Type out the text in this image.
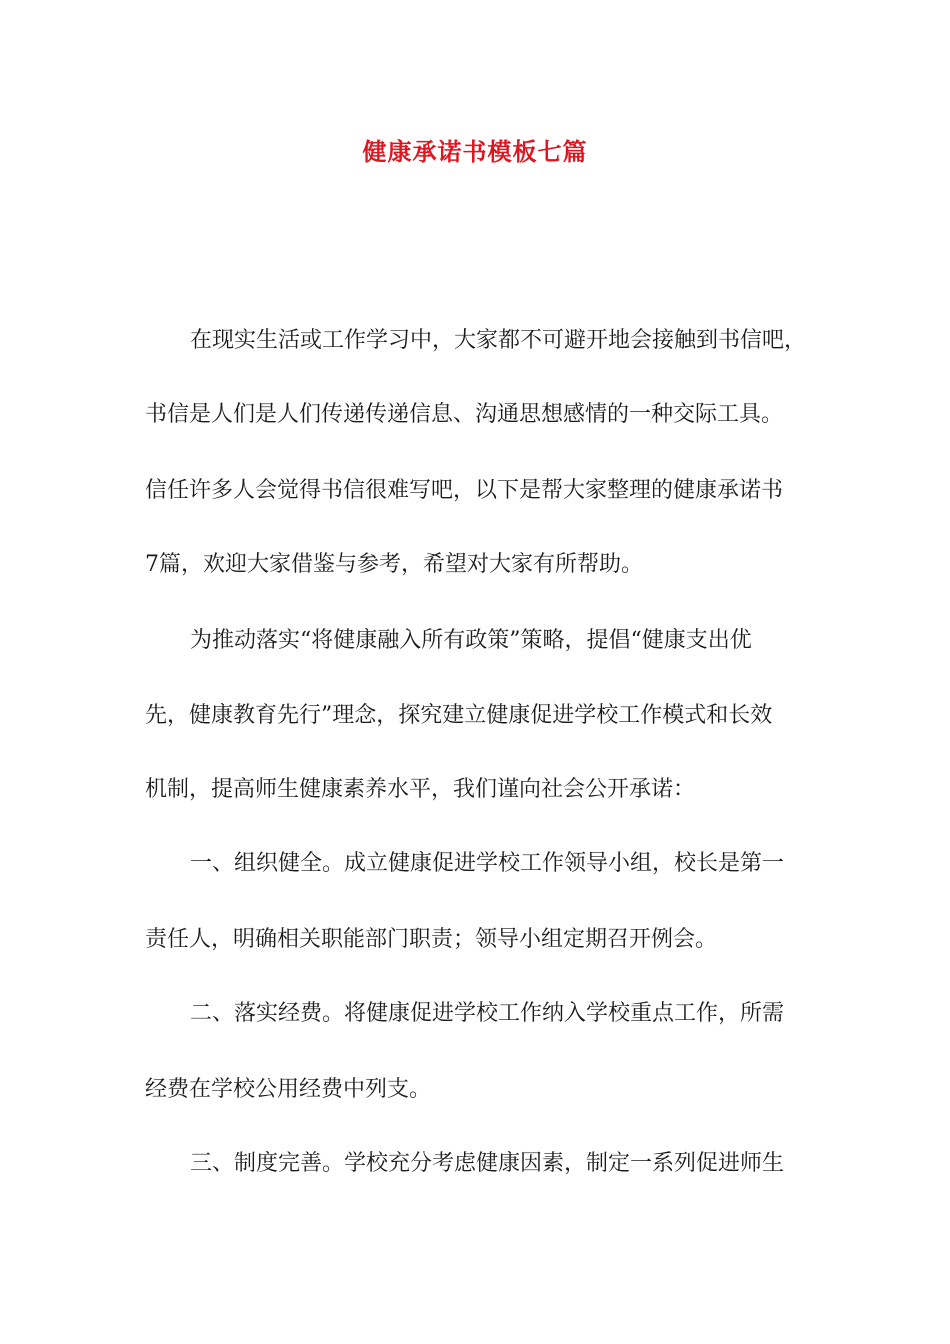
健康承诺书模板七篇
在现实生活或工作学习中，大家都不可避开地会接触到书信吧，
书信是人们是人们传递传递信息、沟通思想感情的一种交际工具。
信任许多人会觉得书信很难写吧，以下是帮大家整理的健康承诺书
7篇，欢迎大家借鉴与参考，希望对大家有所帮助。
为推动落实“将健康融入所有政策”策略，提倡“健康支出优
先，健康教育先行”理念，探究建立健康促进学校工作模式和长效
机制，提高师生健康素养水平，我们谨向社会公开承诺：
一、组织健全。成立健康促进学校工作领导小组，校长是第一
责任人，明确相关职能部门职责；领导小组定期召开例会。
二、落实经费。将健康促进学校工作纳入学校重点工作，所需
经费在学校公用经费中列支。
三、制度完善。学校充分考虑健康因素，制定一系列促进师生
